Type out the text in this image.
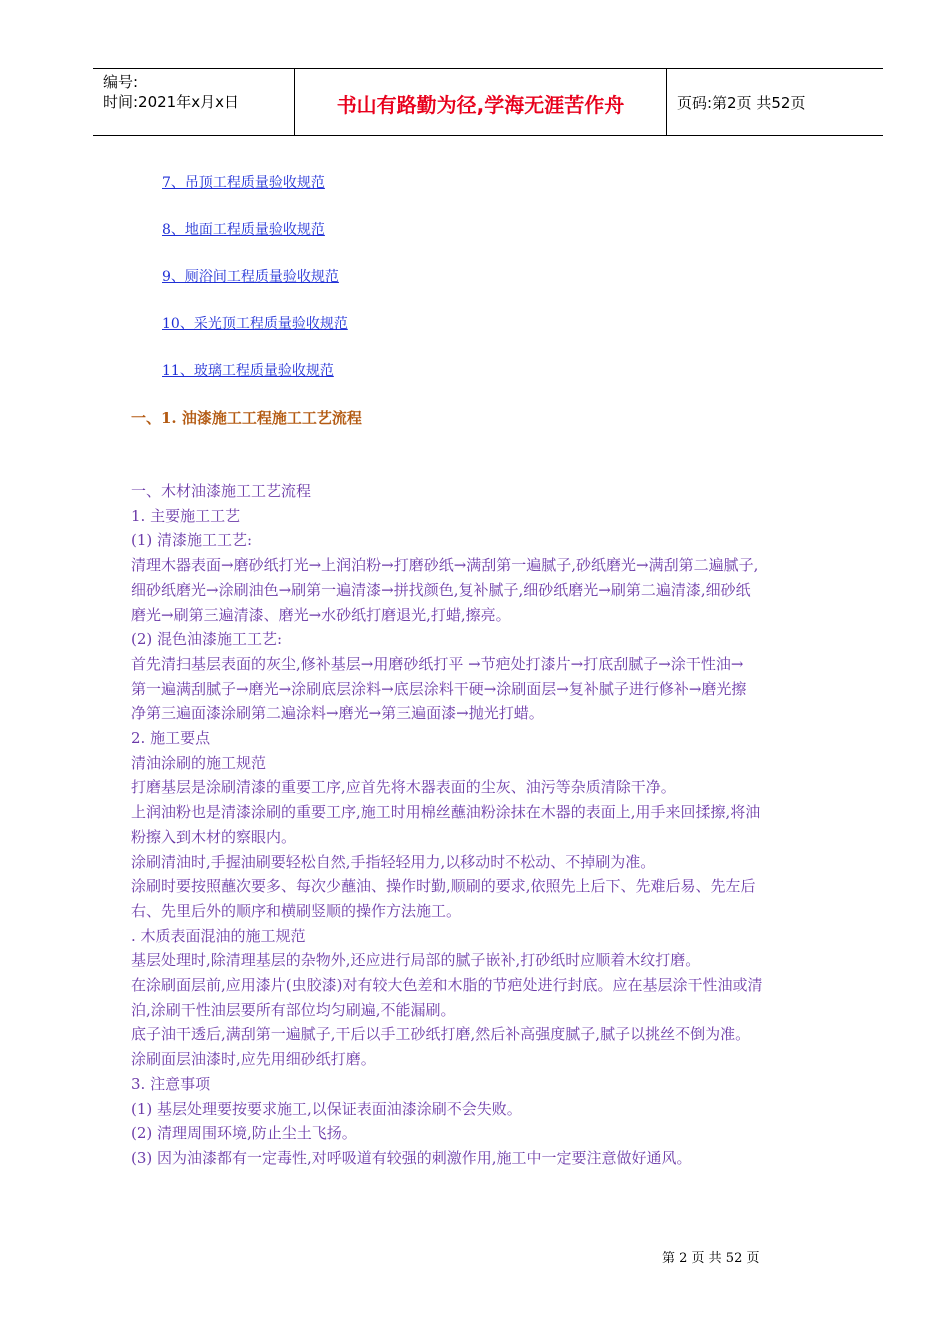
编号:
时间:2021年x月x日	书山有路勤为径,学海无涯苦作舟	页码:第2页 共52页
7、吊顶工程质量验收规范
8、地面工程质量验收规范
9、厕浴间工程质量验收规范
10、采光顶工程质量验收规范
11、玻璃工程质量验收规范
一、1. 油漆施工工程施工工艺流程

一、木材油漆施工工艺流程

1. 主要施工工艺

(1) 清漆施工工艺:

清理木器表面→磨砂纸打光→上润泊粉→打磨砂纸→满刮第一遍腻子,砂纸磨光→满刮第二遍腻子,

细砂纸磨光→涂刷油色→刷第一遍清漆→拼找颜色,复补腻子,细砂纸磨光→刷第二遍清漆,细砂纸

磨光→刷第三遍清漆、磨光→水砂纸打磨退光,打蜡,擦亮。

(2) 混色油漆施工工艺:

首先清扫基层表面的灰尘,修补基层→用磨砂纸打平 →节疤处打漆片→打底刮腻子→涂干性油→

第一遍满刮腻子→磨光→涂刷底层涂料→底层涂料干硬→涂刷面层→复补腻子进行修补→磨光擦

净第三遍面漆涂刷第二遍涂料→磨光→第三遍面漆→抛光打蜡。

2. 施工要点

清油涂刷的施工规范

打磨基层是涂刷清漆的重要工序,应首先将木器表面的尘灰、油污等杂质清除干净。

上润油粉也是清漆涂刷的重要工序,施工时用棉丝蘸油粉涂抹在木器的表面上,用手来回揉擦,将油

粉擦入到木材的察眼内。

涂刷清油时,手握油刷要轻松自然,手指轻轻用力,以移动时不松动、不掉刷为准。

涂刷时要按照蘸次要多、每次少蘸油、操作时勤,顺刷的要求,依照先上后下、先难后易、先左后

右、先里后外的顺序和横刷竖顺的操作方法施工。

. 木质表面混油的施工规范

基层处理时,除清理基层的杂物外,还应进行局部的腻子嵌补,打砂纸时应顺着木纹打磨。

在涂刷面层前,应用漆片(虫胶漆)对有较大色差和木脂的节疤处进行封底。应在基层涂干性油或清

泊,涂刷干性油层要所有部位均匀刷遍,不能漏刷。

底子油干透后,满刮第一遍腻子,干后以手工砂纸打磨,然后补高强度腻子,腻子以挑丝不倒为准。

涂刷面层油漆时,应先用细砂纸打磨。

3. 注意事项

(1) 基层处理要按要求施工,以保证表面油漆涂刷不会失败。

(2) 清理周围环境,防止尘土飞扬。

(3) 因为油漆都有一定毒性,对呼吸道有较强的刺激作用,施工中一定要注意做好通风。

第 2 页 共 52 页
